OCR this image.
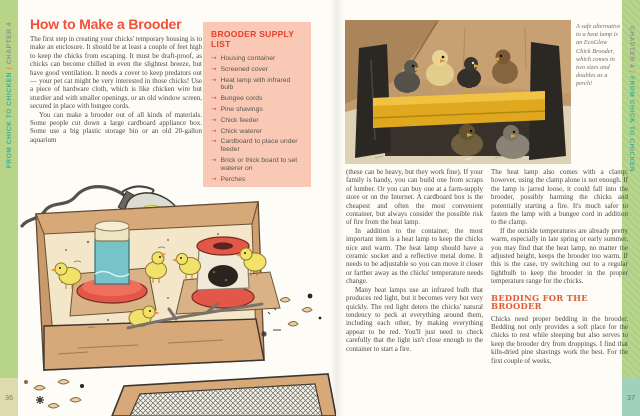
FROM CHICK TO CHICKEN / CHAPTER 4
36
CHAPTER 4 / FROM CHICK TO CHICKEN
37
How to Make a Brooder

The first step in creating your chicks' temporary housing is to make an enclosure. It should be at least a couple of feet high to keep the chicks from escaping. It must be draft-proof, as chicks can become chilled in even the slightest breeze, but have good ventilation. It needs a cover to keep predators out — your pet cat might be very interested in those chicks! Use a piece of hardware cloth, which is like chicken wire but sturdier and with smaller openings, or an old window screen, secured in place with bungee cords.

You can make a brooder out of all kinds of materials. Some people cut down a large cardboard appliance box. Some use a big plastic storage bin or an old 20-gallon aquarium

BROODER SUPPLY LIST
→ Housing container
→ Screened cover
→ Heat lamp with infrared bulb
→ Bungee cords
→ Pine shavings
→ Chick feeder
→ Chick waterer
→ Cardboard to place under feeder
→ Brick or thick board to set waterer on
→ Perches
A safe alternative to a heat lamp is an EcoGlow Chick Brooder, which comes in two sizes and doubles as a perch!

(these can be heavy, but they work fine). If your family is handy, you can build one from scraps of lumber. Or you can buy one at a farm-supply store or on the Internet. A cardboard box is the cheapest and often the most convenient container, but always consider the possible risk of fire from the heat lamp.

In addition to the container, the most important item is a heat lamp to keep the chicks nice and warm. The heat lamp should have a ceramic socket and a reflective metal dome. It needs to be adjustable so you can move it closer or farther away as the chicks' temperature needs change.

Many heat lamps use an infrared bulb that produces red light, but it becomes very hot very quickly. The red light deters the chicks' natural tendency to peck at everything around them, including each other, by making everything appear to be red. You'll just need to check carefully that the light isn't close enough to the container to start a fire.

The heat lamp also comes with a clamp; however, using the clamp alone is not enough. If the lamp is jarred loose, it could fall into the brooder, possibly harming the chicks and potentially starting a fire. It's much safer to fasten the lamp with a bungee cord in addition to the clamp.

If the outside temperatures are already pretty warm, especially in late spring or early summer, you may find that the heat lamp, no matter the adjusted height, keeps the brooder too warm. If this is the case, try switching out to a regular lightbulb to keep the brooder in the proper temperature range for the chicks.

BEDDING FOR THE BROODER

Chicks need proper bedding in the brooder. Bedding not only provides a soft place for the chicks to rest while sleeping but also serves to keep the brooder dry from droppings. I find that kiln-dried pine shavings work the best. For the first couple of weeks,
